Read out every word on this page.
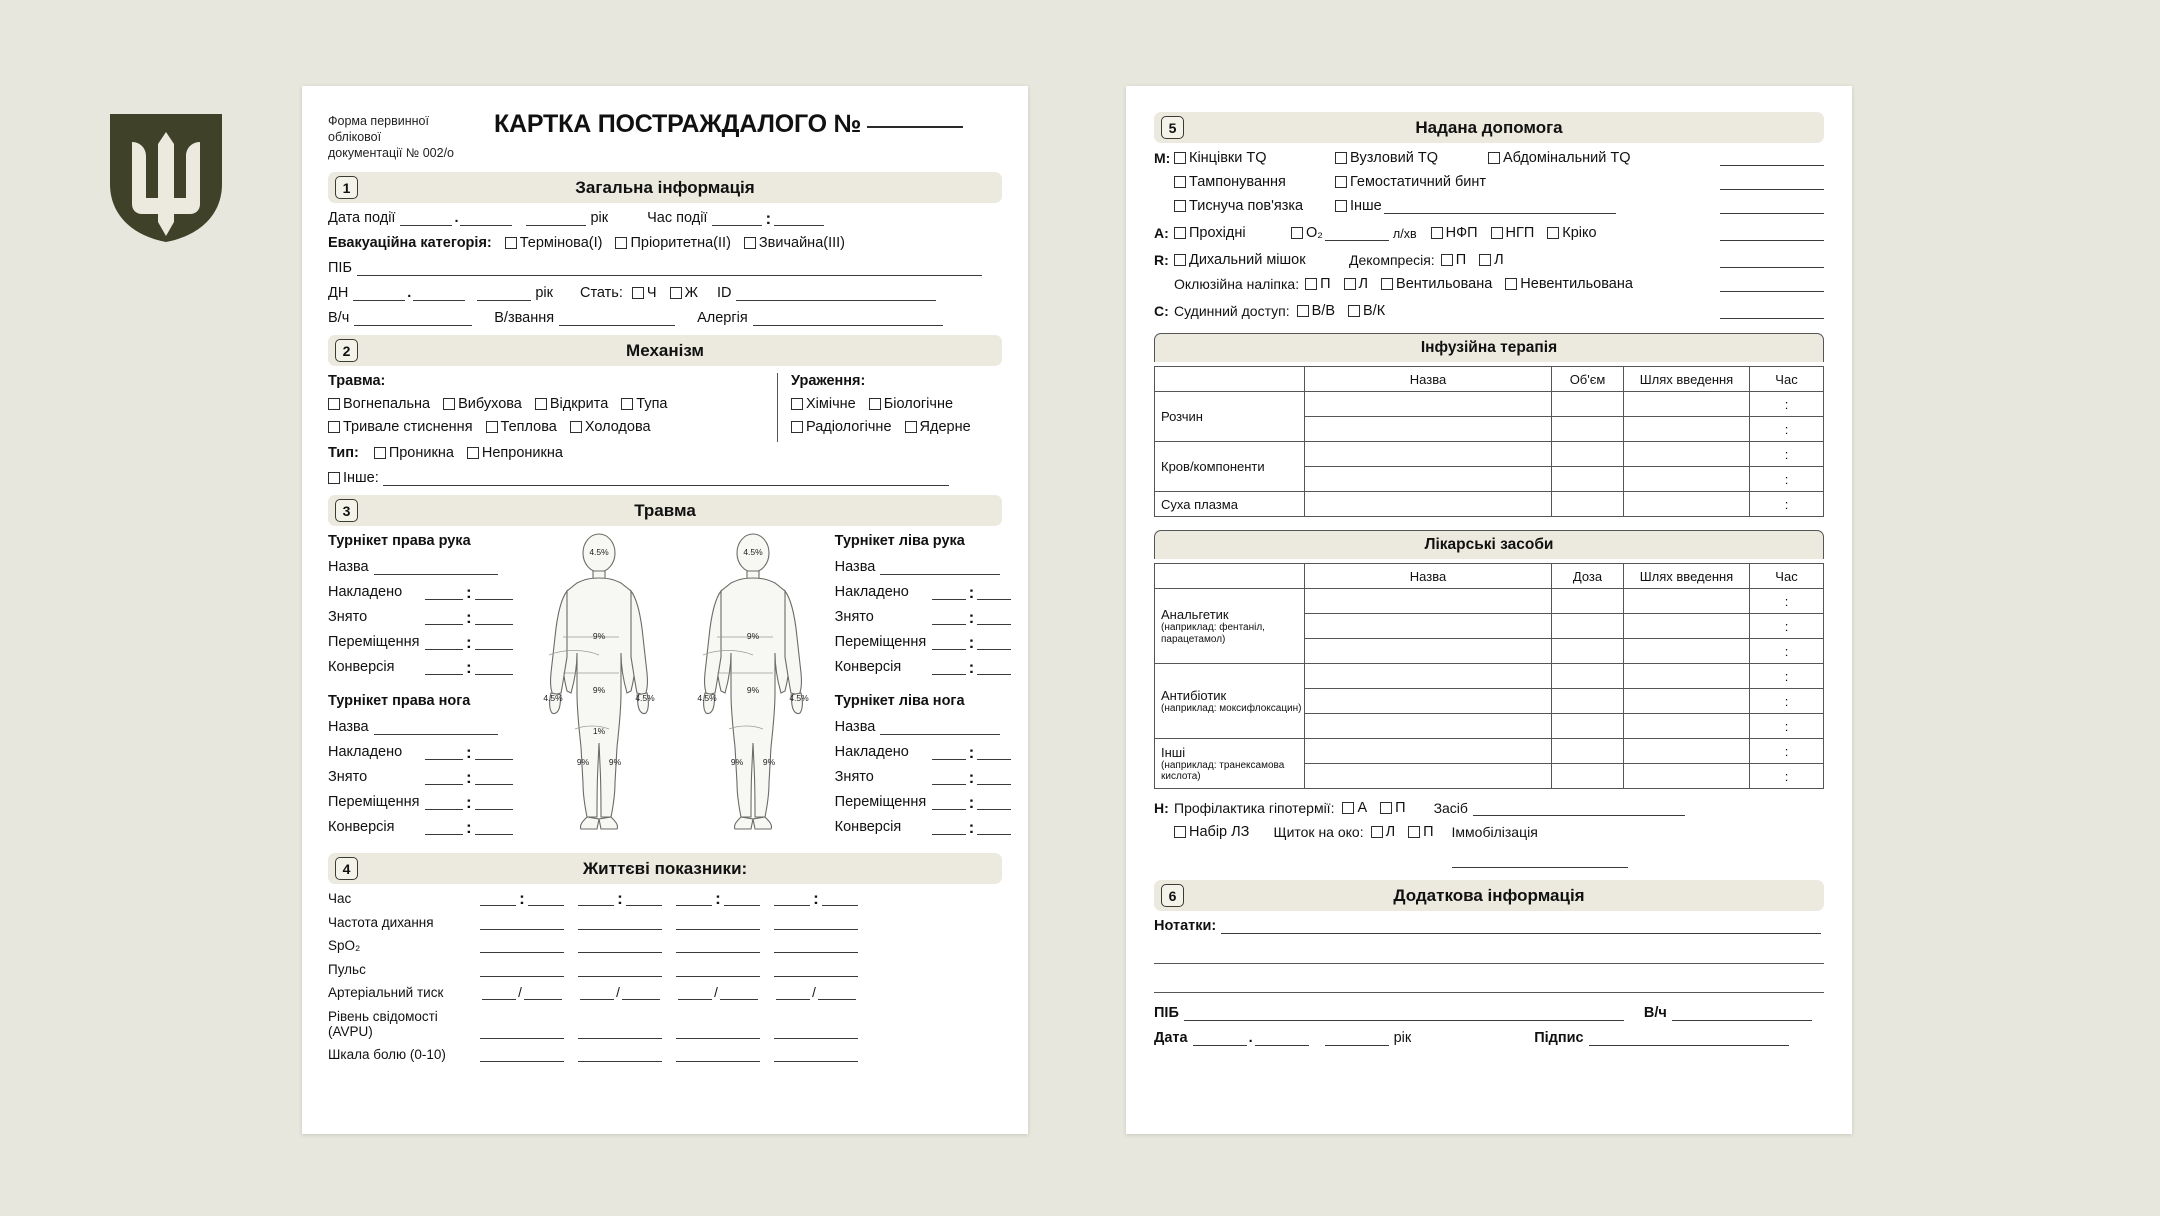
Форма первинної облікової
документації № 002/о
КАРТКА ПОСТРАЖДАЛОГО №
1	Загальна інформація
Дата події	.	рік	Час події	:
Евакуаційна категорія: Термінова(I) Пріоритетна(II) Звичайна(III)
ПІБ
ДН	.	рік Стать: Ч Ж ID
В/ч	В/звання	Алергія
2	Механізм
Травма:
Вогнепальна Вибухова Відкрита Тупа
Тривале стиснення Теплова Холодова
Ураження:
Хімічне Біологічне
Радіологічне Ядерне
Тип: Проникна Непроникна
Інше:
3	Травма
Турнікет права рука
Назва
Накладено	:
Знято	:
Переміщення	:
Конверсія	:
Турнікет права нога
Назва
Накладено	:
Знято	:
Переміщення	:
Конверсія	:
4.5%
9%
9%
4.5%	4.5%
1%
9% 9%
4.5%
9%
9%
4.5%	4.5%
9% 9%
Турнікет ліва рука
Назва
Накладено	:
Знято	:
Переміщення :
Конверсія	:
Турнікет ліва нога
Назва
Накладено	:
Знято	:
Переміщення :
Конверсія	:
4	Життєві показники:
Час	:	:	:	:
Частота дихання
SpO₂
Пульс
Артеріальний тиск	/	/	/	/
Рівень свідомості (AVPU)
Шкала болю (0-10)
5	Надана допомога
M: Кінцівки TQ	Вузловий TQ	Абдомінальний TQ
Тампонування	Гемостатичний бинт
Тиснуча пов'язка	Інше
A:	Прохідні	O₂	л/хв НФП НГП Кріко
R:	Дихальний мішок	Декомпресія: П Л
Оклюзійна наліпка: П Л Вентильована Невентильована
C: Судинний доступ: В/В В/К
Інфузійна терапія
	Назва	Об'єм	Шлях введення	Час
Розчин				:
				:
Кров/компоненти				:
				:
Суха плазма				:
Лікарські засоби
	Назва	Доза	Шлях введення	Час
Анальгетик
(наприклад: фентаніл, парацетамол)				:
				:
				:
Антибіотик
(наприклад: моксифлоксацин)				:
				:
				:
Інші
(наприклад: транексамова кислота)				:
				:
H: Профілактика гіпотермії: А П Засіб
Набір ЛЗ Щиток на око: Л П Іммобілізація
6	Додаткова інформація
Нотатки:
ПІБ	В/ч
Дата	.	рік	Підпис
